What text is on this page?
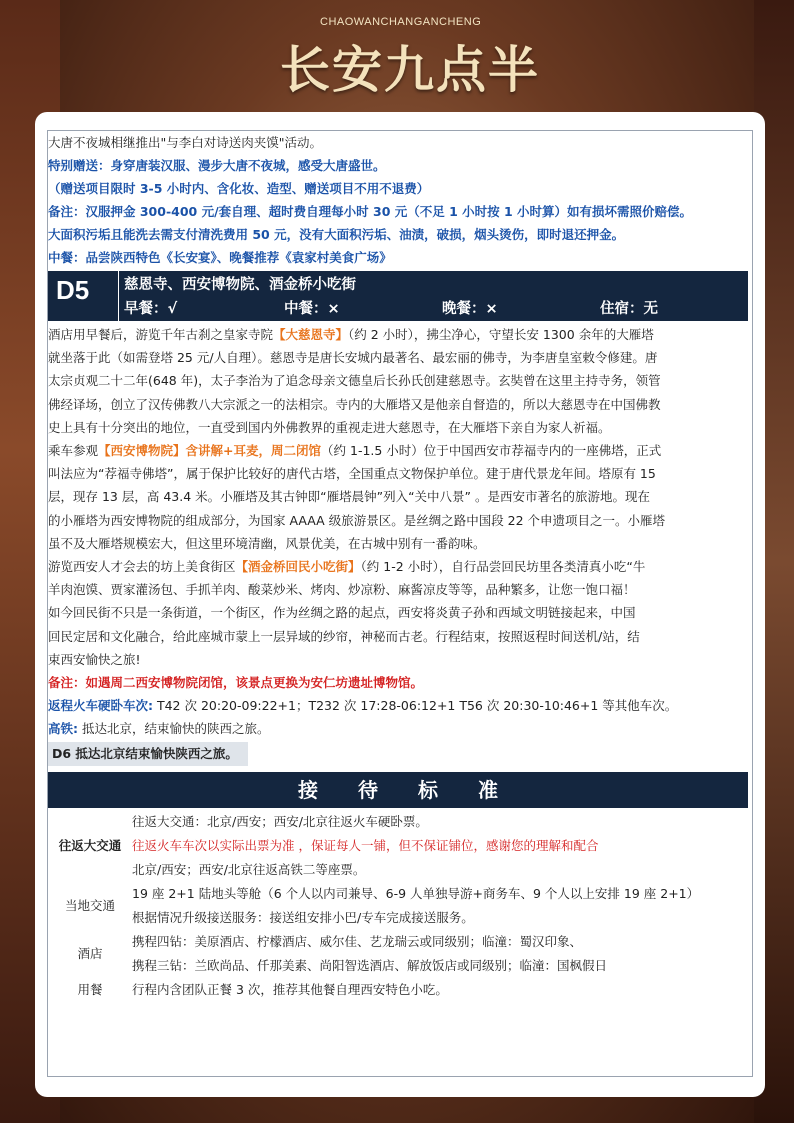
CHAOWANCHANGANCHENG
长安九点半
大唐不夜城相继推出"与李白对诗送肉夹馍"活动。
特别赠送：身穿唐装汉服、漫步大唐不夜城，感受大唐盛世。
（赠送项目限时 3-5 小时内、含化妆、造型、赠送项目不用不退费）
备注：汉服押金 300-400 元/套自理、超时费自理每小时 30 元（不足 1 小时按 1 小时算）如有损坏需照价赔偿。
大面积污垢且能洗去需支付清洗费用 50 元，没有大面积污垢、油渍，破损，烟头烫伤，即时退还押金。
中餐：品尝陕西特色《长安宴》、晚餐推荐《袁家村美食广场》
D5 慈恩寺、西安博物院、酒金桥小吃街
早餐：√	中餐：×	晚餐：×	住宿：无
酒店用早餐后，游览千年古刹之皇家寺院【大慈恩寺】（约 2 小时），拂尘净心，守望长安 1300 余年的大雁塔
就坐落于此（如需登塔 25 元/人自理）。慈恩寺是唐长安城内最著名、最宏丽的佛寺，为李唐皇室敕令修建。唐
太宗贞观二十二年(648 年)，太子李治为了追念母亲文德皇后长孙氏创建慈恩寺。玄奘曾在这里主持寺务，领管
佛经译场，创立了汉传佛教八大宗派之一的法相宗。寺内的大雁塔又是他亲自督造的，所以大慈恩寺在中国佛教
史上具有十分突出的地位，一直受到国内外佛教界的重视走进大慈恩寺，在大雁塔下亲自为家人祈福。
乘车参观【西安博物院】含讲解+耳麦，周二闭馆（约 1-1.5 小时）位于中国西安市荐福寺内的一座佛塔，正式
叫法应为“荐福寺佛塔”，属于保护比较好的唐代古塔，全国重点文物保护单位。建于唐代景龙年间。塔原有 15
层，现存 13 层，高 43.4 米。小雁塔及其古钟即“雁塔晨钟”列入“关中八景” 。是西安市著名的旅游地。现在
的小雁塔为西安博物院的组成部分，为国家 AAAA 级旅游景区。是丝绸之路中国段 22 个申遗项目之一。小雁塔
虽不及大雁塔规模宏大，但这里环境清幽，风景优美，在古城中别有一番韵味。
游览西安人才会去的坊上美食街区【酒金桥回民小吃街】（约 1-2 小时），自行品尝回民坊里各类清真小吃“牛
羊肉泡馍、贾家灌汤包、手抓羊肉、酸菜炒米、烤肉、炒凉粉、麻酱凉皮等等，品种繁多，让您一饱口福！
如今回民街不只是一条街道，一个街区，作为丝绸之路的起点，西安将炎黄子孙和西域文明链接起来，中国
回民定居和文化融合，给此座城市蒙上一层异域的纱帘，神秘而古老。行程结束，按照返程时间送机/站，结
束西安愉快之旅!
备注：如遇周二西安博物院闭馆，该景点更换为安仁坊遗址博物馆。
返程火车硬卧车次: T42 次 20:20-09:22+1；T232 次 17:28-06:12+1 T56 次 20:30-10:46+1 等其他车次。
高铁: 抵达北京，结束愉快的陕西之旅。
D6 抵达北京结束愉快陕西之旅。
接待标准
往返大交通	往返大交通：北京/西安；西安/北京往返火车硬卧票。
往返火车车次以实际出票为准 ，保证每人一铺，但不保证铺位，感谢您的理解和配合
北京/西安；西安/北京往返高铁二等座票。

当地交通	19 座 2+1 陆地头等舱（6 个人以内司兼导、6-9 人单独导游+商务车、9 个人以上安排 19 座 2+1）
根据情况升级接送服务：接送组安排小巴/专车完成接送服务。

酒店	携程四钻：美原酒店、柠檬酒店、威尔佳、艺龙瑞云或同级别；临潼：蜀汉印象、
携程三钻：兰欧尚品、仟那美素、尚阳智选酒店、解放饭店或同级别；临潼：国枫假日

用餐	行程内含团队正餐 3 次，推荐其他餐自理西安特色小吃。
